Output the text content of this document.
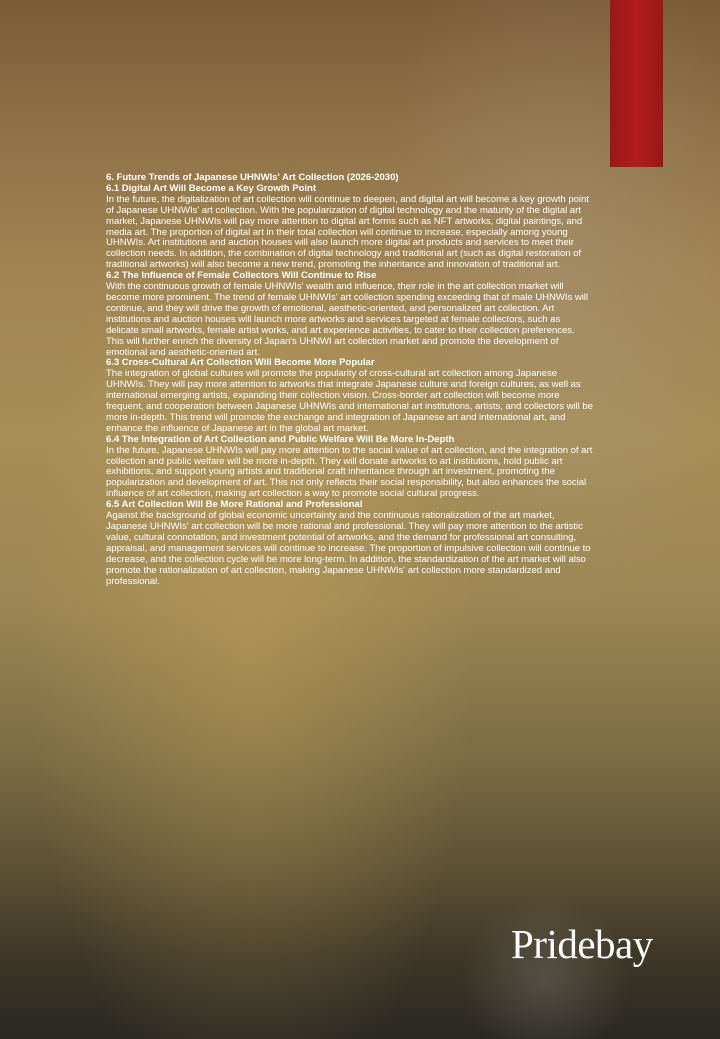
6. Future Trends of Japanese UHNWIs' Art Collection (2026-2030)

6.1 Digital Art Will Become a Key Growth Point

In the future, the digitalization of art collection will continue to deepen, and digital art will become a key growth point of Japanese UHNWIs' art collection. With the popularization of digital technology and the maturity of the digital art market, Japanese UHNWIs will pay more attention to digital art forms such as NFT artworks, digital paintings, and media art. The proportion of digital art in their total collection will continue to increase, especially among young UHNWIs. Art institutions and auction houses will also launch more digital art products and services to meet their collection needs. In addition, the combination of digital technology and traditional art (such as digital restoration of traditional artworks) will also become a new trend, promoting the inheritance and innovation of traditional art.

6.2 The Influence of Female Collectors Will Continue to Rise

With the continuous growth of female UHNWIs' wealth and influence, their role in the art collection market will become more prominent. The trend of female UHNWIs' art collection spending exceeding that of male UHNWIs will continue, and they will drive the growth of emotional, aesthetic-oriented, and personalized art collection. Art institutions and auction houses will launch more artworks and services targeted at female collectors, such as delicate small artworks, female artist works, and art experience activities, to cater to their collection preferences. This will further enrich the diversity of Japan's UHNWI art collection market and promote the development of emotional and aesthetic-oriented art.

6.3 Cross-Cultural Art Collection Will Become More Popular

The integration of global cultures will promote the popularity of cross-cultural art collection among Japanese UHNWIs. They will pay more attention to artworks that integrate Japanese culture and foreign cultures, as well as international emerging artists, expanding their collection vision. Cross-border art collection will become more frequent, and cooperation between Japanese UHNWIs and international art institutions, artists, and collectors will be more in-depth. This trend will promote the exchange and integration of Japanese art and international art, and enhance the influence of Japanese art in the global art market.

6.4 The Integration of Art Collection and Public Welfare Will Be More In-Depth

In the future, Japanese UHNWIs will pay more attention to the social value of art collection, and the integration of art collection and public welfare will be more in-depth. They will donate artworks to art institutions, hold public art exhibitions, and support young artists and traditional craft inheritance through art investment, promoting the popularization and development of art. This not only reflects their social responsibility, but also enhances the social influence of art collection, making art collection a way to promote social cultural progress.

6.5 Art Collection Will Be More Rational and Professional

Against the background of global economic uncertainty and the continuous rationalization of the art market, Japanese UHNWIs' art collection will be more rational and professional. They will pay more attention to the artistic value, cultural connotation, and investment potential of artworks, and the demand for professional art consulting, appraisal, and management services will continue to increase. The proportion of impulsive collection will continue to decrease, and the collection cycle will be more long-term. In addition, the standardization of the art market will also promote the rationalization of art collection, making Japanese UHNWIs' art collection more standardized and professional.

Pridebay
